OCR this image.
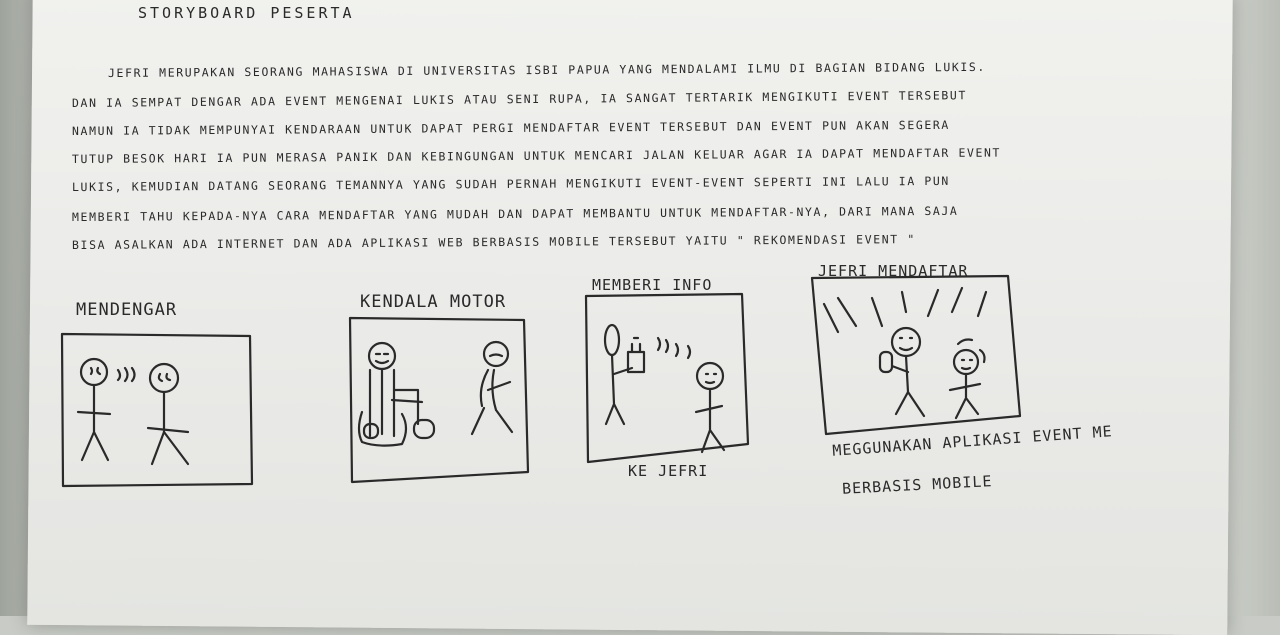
STORYBOARD PESERTA
JEFRI MERUPAKAN SEORANG MAHASISWA DI UNIVERSITAS ISBI PAPUA YANG MENDALAMI ILMU DI BAGIAN BIDANG LUKIS.
DAN IA SEMPAT DENGAR ADA EVENT MENGENAI LUKIS ATAU SENI RUPA, IA SANGAT TERTARIK MENGIKUTI EVENT TERSEBUT
NAMUN IA TIDAK MEMPUNYAI KENDARAAN UNTUK DAPAT PERGI MENDAFTAR EVENT TERSEBUT DAN EVENT PUN AKAN SEGERA
TUTUP BESOK HARI IA PUN MERASA PANIK DAN KEBINGUNGAN UNTUK MENCARI JALAN KELUAR AGAR IA DAPAT MENDAFTAR EVENT
LUKIS, KEMUDIAN DATANG SEORANG TEMANNYA YANG SUDAH PERNAH MENGIKUTI EVENT-EVENT SEPERTI INI LALU IA PUN
MEMBERI TAHU KEPADA-NYA CARA MENDAFTAR YANG MUDAH DAN DAPAT MEMBANTU UNTUK MENDAFTAR-NYA, DARI MANA SAJA
BISA ASALKAN ADA INTERNET DAN ADA APLIKASI WEB BERBASIS MOBILE TERSEBUT YAITU " REKOMENDASI EVENT "
MENDENGAR	KENDALA MOTOR
MEMBERI INFO
KE JEFRI
JEFRI MENDAFTAR
MEGGUNAKAN APLIKASI EVENT ME
BERBASIS MOBILE
